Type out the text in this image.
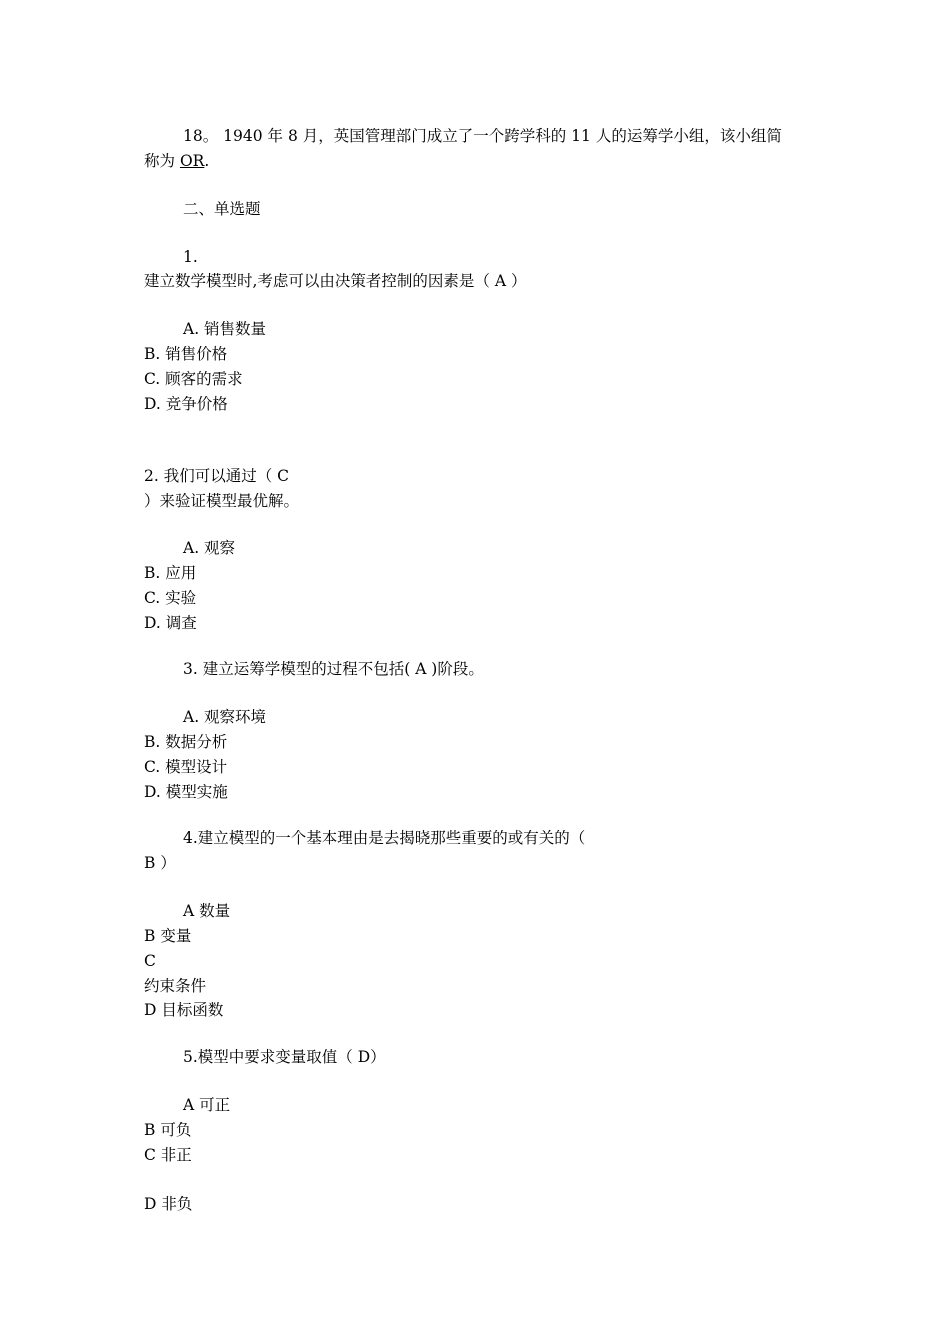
18。 1940 年 8 月，英国管理部门成立了一个跨学科的 11 人的运筹学小组，该小组简
称为 OR.
二、单选题
1.
建立数学模型时,考虑可以由决策者控制的因素是（ A ）
A. 销售数量
B. 销售价格
C. 顾客的需求
D. 竞争价格
2. 我们可以通过（ C
）来验证模型最优解。
A. 观察
B. 应用
C. 实验
D. 调查
3. 建立运筹学模型的过程不包括( A )阶段。
A. 观察环境
B. 数据分析
C. 模型设计
D. 模型实施
4.建立模型的一个基本理由是去揭晓那些重要的或有关的（
B ）
A 数量
B 变量
C
约束条件
D 目标函数
5.模型中要求变量取值（ D）
A 可正
B 可负
C 非正
D 非负
